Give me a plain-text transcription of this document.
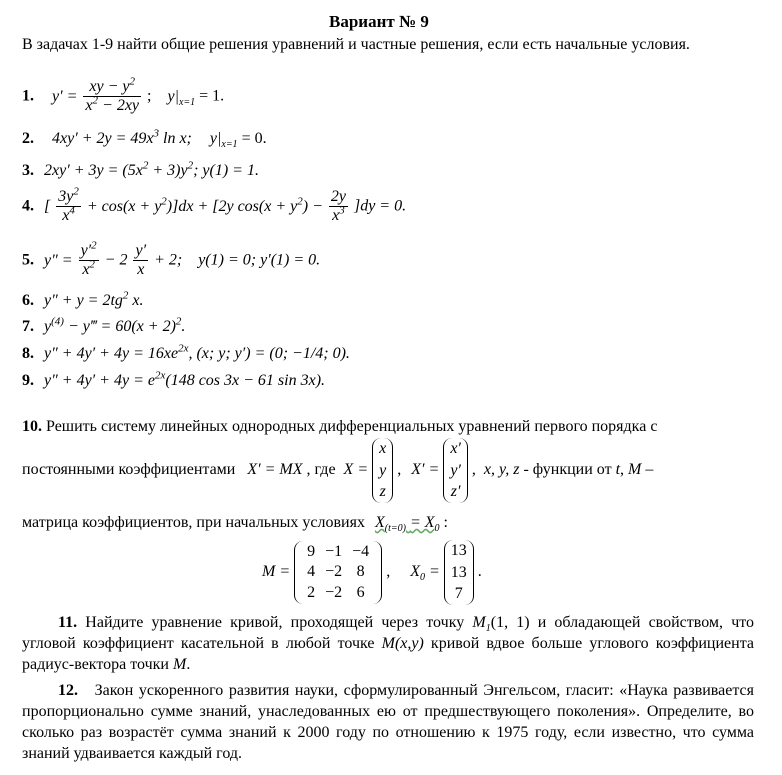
Вариант № 9
В задачах 1-9 найти общие решения уравнений и частные решения, если есть начальные условия.
1. $y' = \frac{xy - y^2}{x^2 - 2xy}$ ;    $y|_{x=1} = 1$.
2. $4xy' + 2y = 49x^3$ ln x; $y|_{x=1} = 0$.
3. $2xy' + 3y = (5x^2 + 3)y^2$; y(1) = 1.
4. [ $\frac{3y^2}{x^4} + \cos(x + y^2)]dx + [2y$ $\cos(x + y^2) - \frac{2y}{x^3} ]dy = 0$.
5. $y'' = \frac{y'^2}{x^2} - 2 \frac{y'}{x} + 2$;    y(1) = 0; y′(1) = 0.
6. $y'' + y = 2tg^2$ x.
7. $y^{(4)}$ − y‴ = $60(x + 2)^2$.
8. $y'' + 4y' + 4y = 16xe^{2x}$, (x; y; y′) = (0; −1/4; 0).
9. $y'' + 4y' + 4y = e^{2x}(148$ cos 3x − 61 sin 3x).
10. Решить систему линейных однородных дифференциальных уравнений первого порядка с
постоянными коэффициентами X′ = MX , где X =
x
y
z
, X′ =
x′
y′
z′
, x, y, z - функции от t, M –
матрица коэффициентов, при начальных условиях $X_{(t=0)} = X_0$ :
M =
9	−1	−4
4	−2	8
2	−2	6
,     $X_0$ =
13
13
7
.
11. Найдите уравнение кривой, проходящей через точку $M_1(1$, 1) и обладающей свойством, что угловой коэффициент касательной в любой точке M(x,y) кривой вдвое больше углового коэффициента радиус-вектора точки M.
12. Закон ускоренного развития науки, сформулированный Энгельсом, гласит: «Наука развивается пропорционально сумме знаний, унаследованных ею от предшествующего поколения». Определите, во сколько раз возрастёт сумма знаний к 2000 году по отношению к 1975 году, если известно, что сумма знаний удваивается каждый год.
